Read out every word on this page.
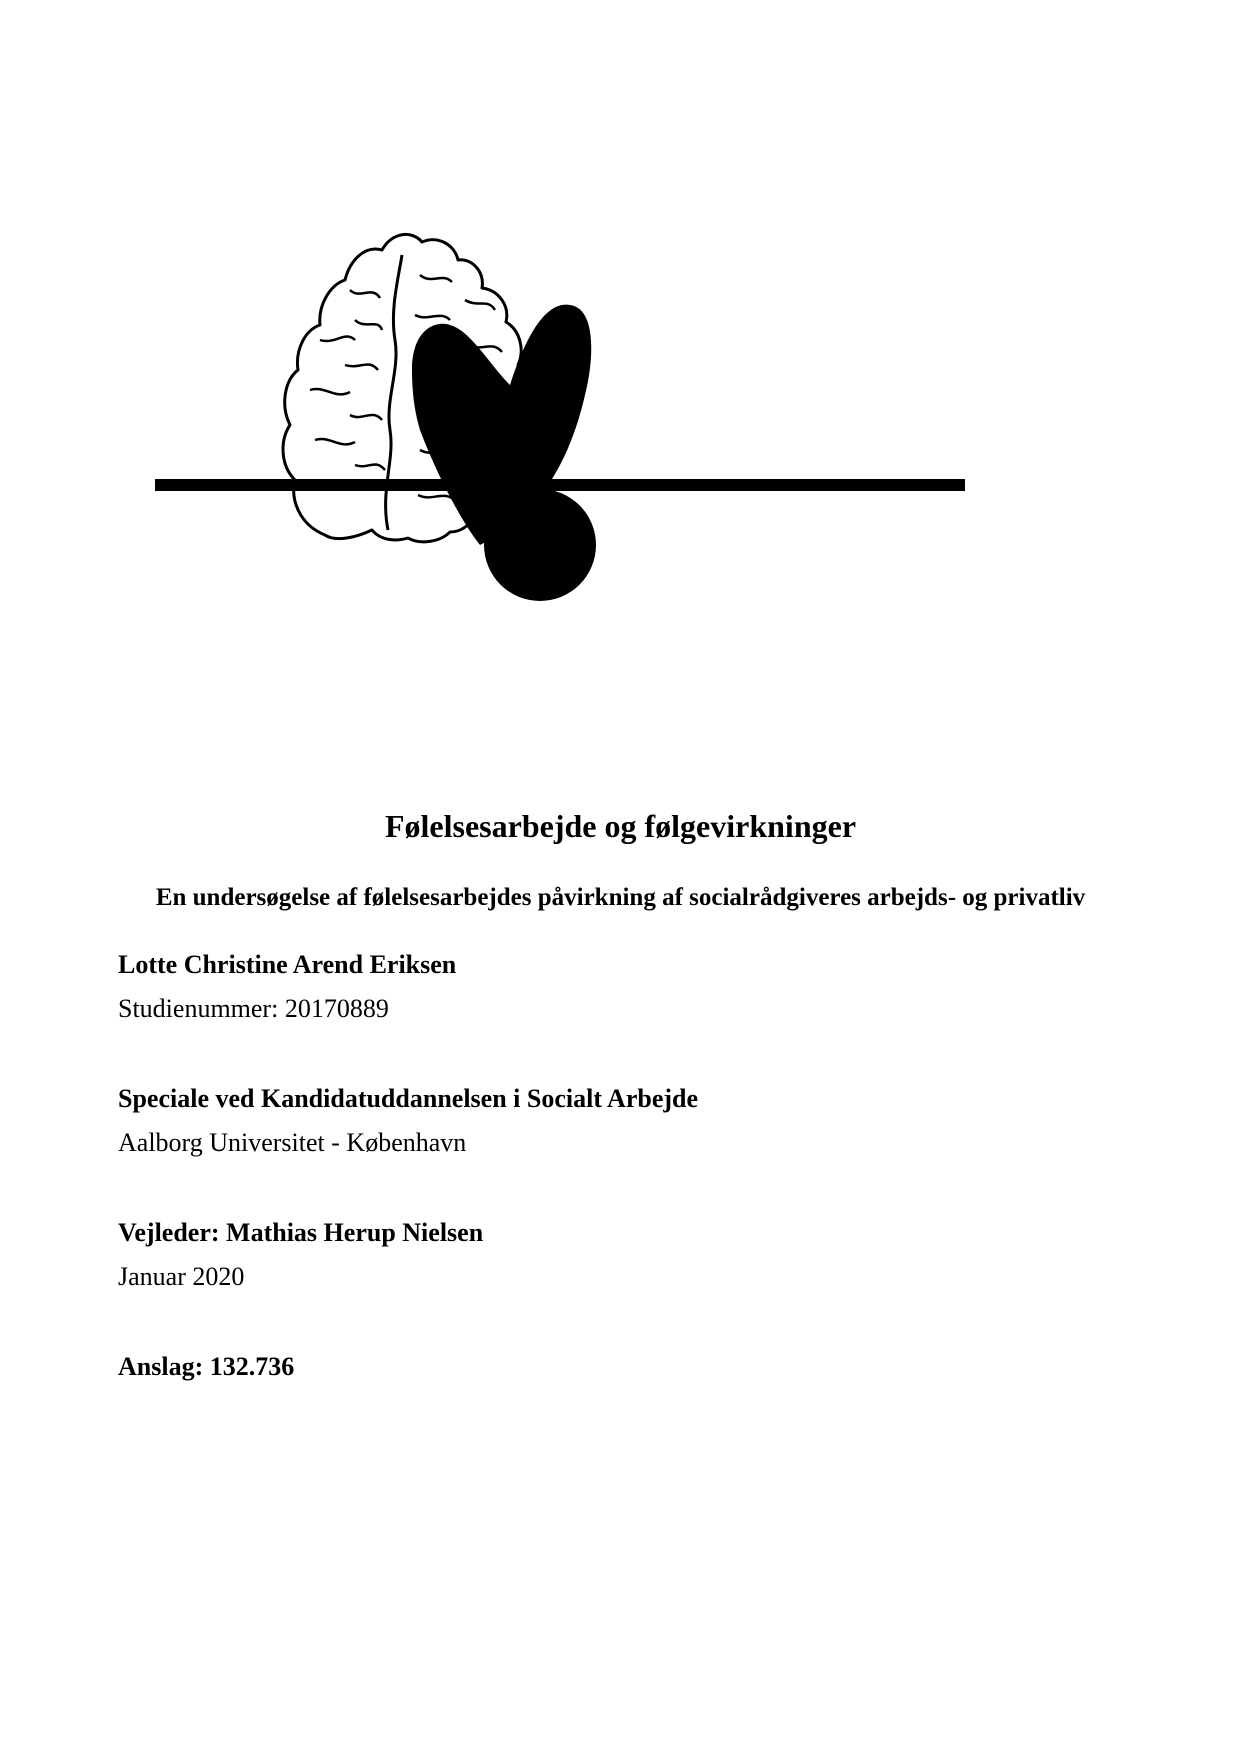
Følelsesarbejde og følgevirkninger
En undersøgelse af følelsesarbejdes påvirkning af socialrådgiveres arbejds- og privatliv

Lotte Christine Arend Eriksen

Studienummer: 20170889

Speciale ved Kandidatuddannelsen i Socialt Arbejde

Aalborg Universitet - København

Vejleder: Mathias Herup Nielsen

Januar 2020

Anslag: 132.736
